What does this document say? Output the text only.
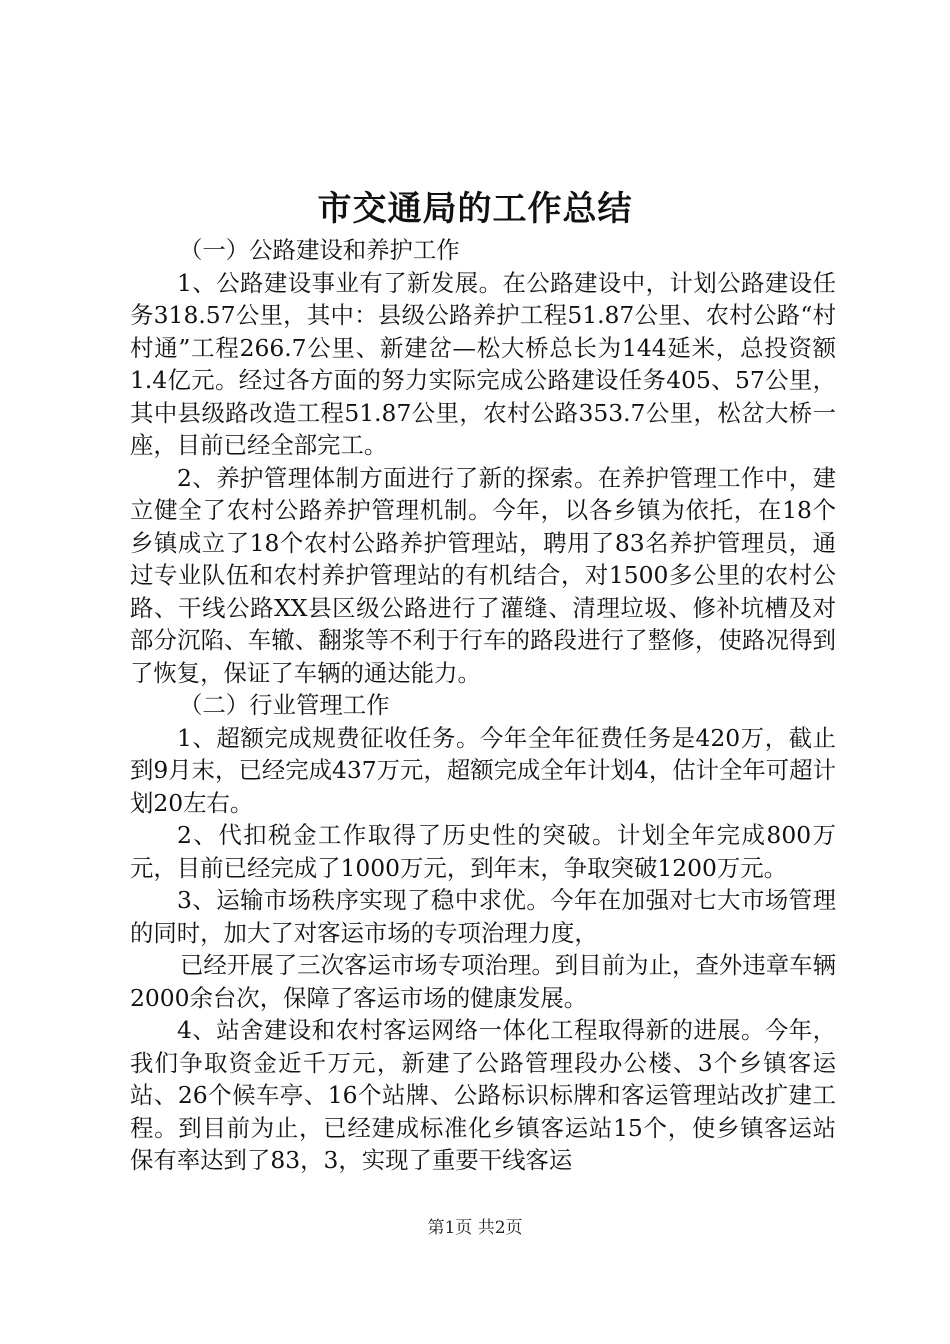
市交通局的工作总结

（一）公路建设和养护工作

1、公路建设事业有了新发展。在公路建设中，计划公路建设任务318.57公里，其中：县级公路养护工程51.87公里、农村公路“村村通”工程266.7公里、新建岔—松大桥总长为144延米，总投资额1.4亿元。经过各方面的努力实际完成公路建设任务405、57公里，其中县级路改造工程51.87公里，农村公路353.7公里，松岔大桥一座，目前已经全部完工。

2、养护管理体制方面进行了新的探索。在养护管理工作中，建立健全了农村公路养护管理机制。今年，以各乡镇为依托，在18个乡镇成立了18个农村公路养护管理站，聘用了83名养护管理员，通过专业队伍和农村养护管理站的有机结合，对1500多公里的农村公路、干线公路XX县区级公路进行了灌缝、清理垃圾、修补坑槽及对部分沉陷、车辙、翻浆等不利于行车的路段进行了整修，使路况得到了恢复，保证了车辆的通达能力。

（二）行业管理工作

1、超额完成规费征收任务。今年全年征费任务是420万，截止到9月末，已经完成437万元，超额完成全年计划4，估计全年可超计划20左右。

2、代扣税金工作取得了历史性的突破。计划全年完成800万元，目前已经完成了1000万元，到年末，争取突破1200万元。

3、运输市场秩序实现了稳中求优。今年在加强对七大市场管理的同时，加大了对客运市场的专项治理力度，

已经开展了三次客运市场专项治理。到目前为止，查外违章车辆2000余台次，保障了客运市场的健康发展。

4、站舍建设和农村客运网络一体化工程取得新的进展。今年，我们争取资金近千万元，新建了公路管理段办公楼、3个乡镇客运站、26个候车亭、16个站牌、公路标识标牌和客运管理站改扩建工程。到目前为止，已经建成标准化乡镇客运站15个，使乡镇客运站保有率达到了83，3，实现了重要干线客运

第1页 共2页
